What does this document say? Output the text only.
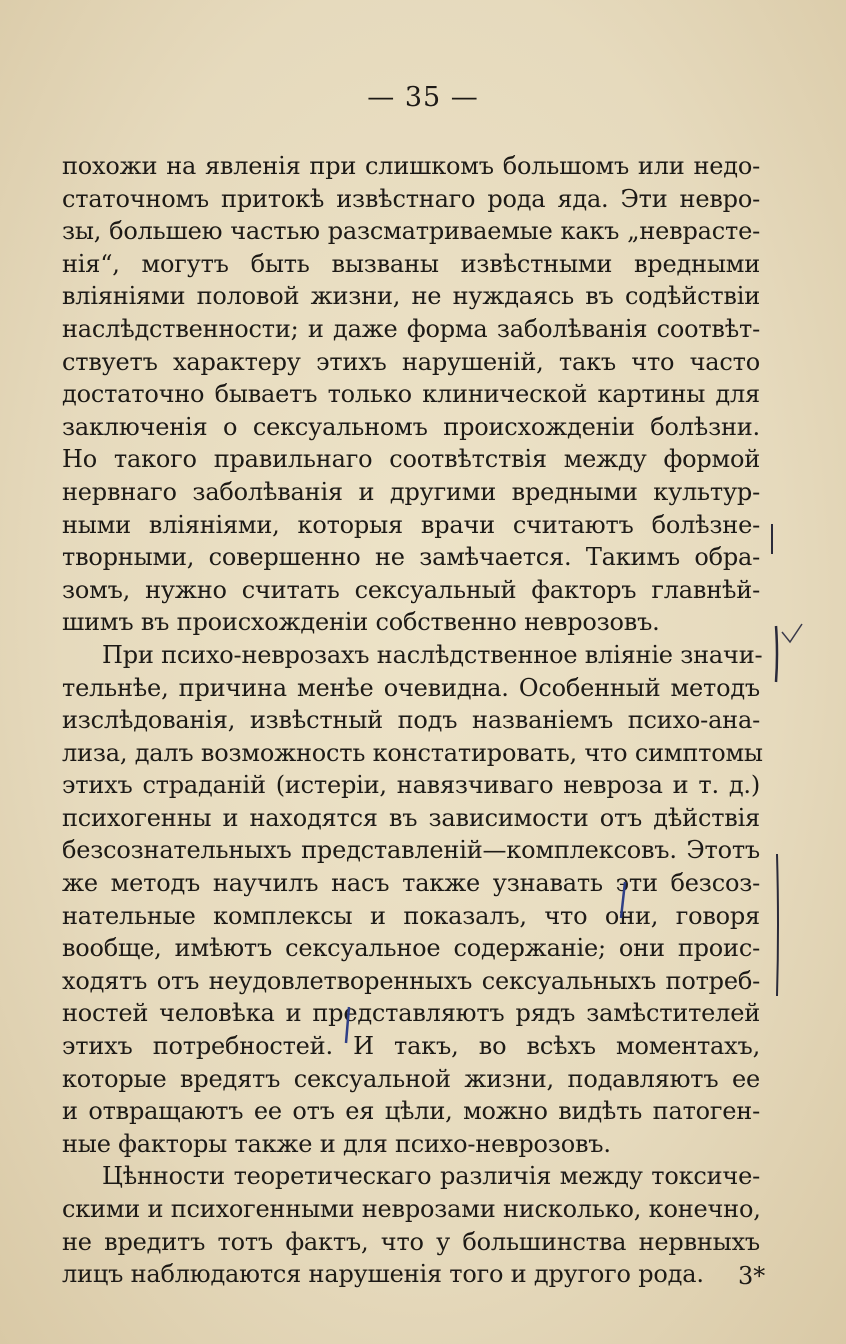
— 35 —
похожи на явленія при слишкомъ большомъ или недо-
статочномъ притокѣ извѣстнаго рода яда. Эти невро-
зы, большею частью разсматриваемые какъ „неврасте-
нія“, могутъ быть вызваны извѣстными вредными
вліяніями половой жизни, не нуждаясь въ содѣйствіи
наслѣдственности; и даже форма заболѣванія соотвѣт-
ствуетъ характеру этихъ нарушеній, такъ что часто
достаточно бываетъ только клинической картины для
заключенія о сексуальномъ происхожденіи болѣзни.
Но такого правильнаго соотвѣтствія между формой
нервнаго заболѣванія и другими вредными культур-
ными вліяніями, которыя врачи считаютъ болѣзне-
творными, совершенно не замѣчается. Такимъ обра-
зомъ, нужно считать сексуальный факторъ главнѣй-
шимъ въ происхожденіи собственно неврозовъ.
При психо-неврозахъ наслѣдственное вліяніе значи-
тельнѣе, причина менѣе очевидна. Особенный методъ
изслѣдованія, извѣстный подъ названіемъ психо-ана-
лиза, далъ возможность констатировать, что симптомы
этихъ страданій (истеріи, навязчиваго невроза и т. д.)
психогенны и находятся въ зависимости отъ дѣйствія
безсознательныхъ представленій—комплексовъ. Этотъ
же методъ научилъ насъ также узнавать эти безсоз-
нательные комплексы и показалъ, что они, говоря
вообще, имѣютъ сексуальное содержаніе; они проис-
ходятъ отъ неудовлетворенныхъ сексуальныхъ потреб-
ностей человѣка и представляютъ рядъ замѣстителей
этихъ потребностей. И такъ, во всѣхъ моментахъ,
которые вредятъ сексуальной жизни, подавляютъ ее
и отвращаютъ ее отъ ея цѣли, можно видѣть патоген-
ные факторы также и для психо-неврозовъ.
Цѣнности теоретическаго различія между токсиче-
скими и психогенными неврозами нисколько, конечно,
не вредитъ тотъ фактъ, что у большинства нервныхъ
лицъ наблюдаются нарушенія того и другого рода.	3*
